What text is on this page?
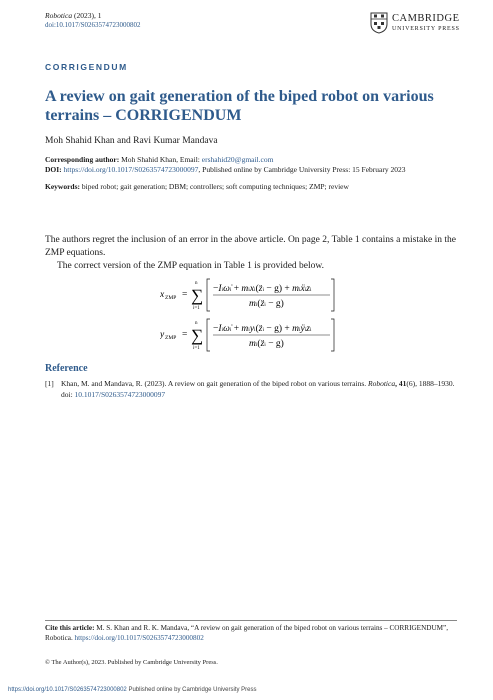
Robotica (2023), 1
doi:10.1017/S0263574723000802
CAMBRIDGE
UNIVERSITY PRESS
CORRIGENDUM
A review on gait generation of the biped robot on various terrains – CORRIGENDUM
Moh Shahid Khan and Ravi Kumar Mandava
Corresponding author: Moh Shahid Khan, Email: ershahid20@gmail.com
DOI: https://doi.org/10.1017/S0263574723000097, Published online by Cambridge University Press: 15 February 2023
Keywords: biped robot; gait generation; DBM; controllers; soft computing techniques; ZMP; review
The authors regret the inclusion of an error in the above article. On page 2, Table 1 contains a mistake in the ZMP equations.
The correct version of the ZMP equation in Table 1 is provided below.
x ZMP = ∑
n
i=1
−Iiω̇i + mixi(z̈i − g) + miẍizi
mi(z̈i − g)
y ZMP = ∑
n
i=1
−Iiω̇i + miyi(z̈i − g) + miÿizi
mi(z̈i − g)
Reference
[1] Khan, M. and Mandava, R. (2023). A review on gait generation of the biped robot on various terrains. Robotica, 41(6), 1888–1930. doi: 10.1017/S0263574723000097
Cite this article: M. S. Khan and R. K. Mandava, “A review on gait generation of the biped robot on various terrains – CORRIGENDUM”, Robotica. https://doi.org/10.1017/S0263574723000802
© The Author(s), 2023. Published by Cambridge University Press.
https://doi.org/10.1017/S0263574723000802 Published online by Cambridge University Press
